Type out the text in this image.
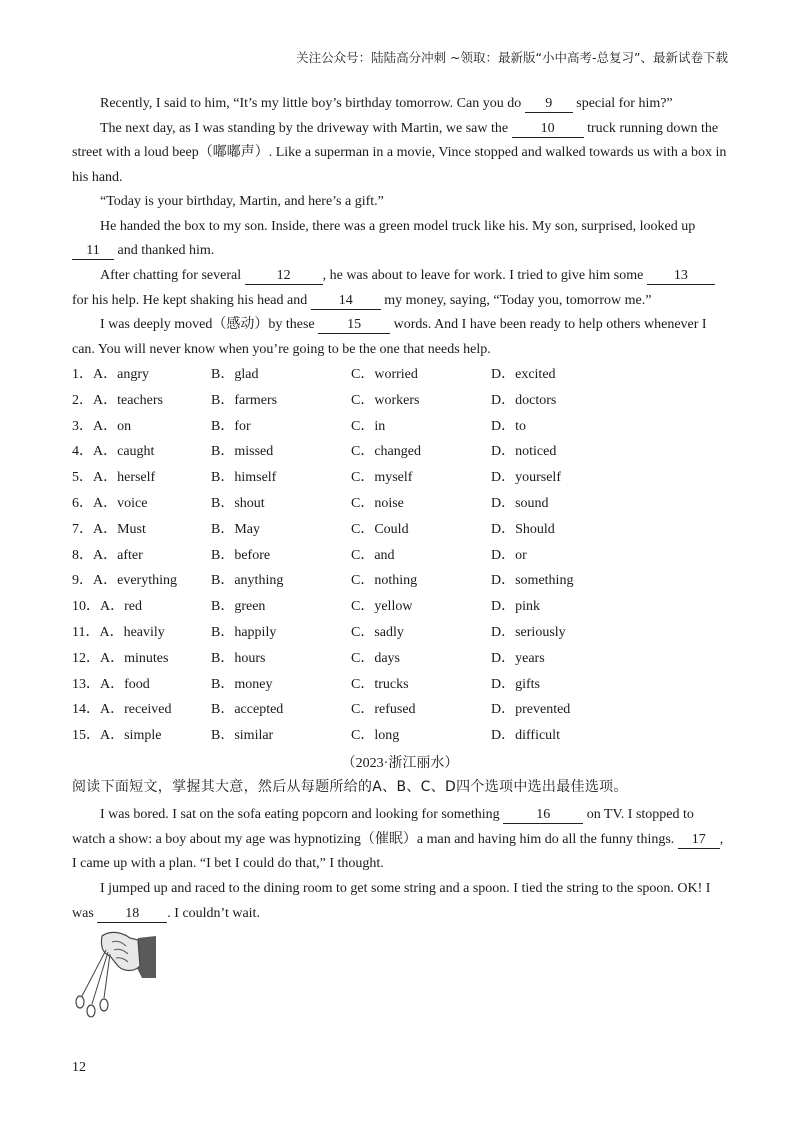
关注公众号：陆陆高分冲刺 ~领取：最新版“小中高考-总复习”、最新试卷下载
Recently, I said to him, “It’s my little boy’s birthday tomorrow. Can you do 9 special for him?”
The next day, as I was standing by the driveway with Martin, we saw the 10 truck running down the street with a loud beep（嘟嘟声）. Like a superman in a movie, Vince stopped and walked towards us with a box in his hand.
“Today is your birthday, Martin, and here’s a gift.”
He handed the box to my son. Inside, there was a green model truck like his. My son, surprised, looked up 11 and thanked him.
After chatting for several 12 , he was about to leave for work. I tried to give him some 13 for his help. He kept shaking his head and 14 my money, saying, “Today you, tomorrow me.”
I was deeply moved（感动）by these 15 words. And I have been ready to help others whenever I can. You will never know when you’re going to be the one that needs help.
1．A．angry	B．glad	C．worried	D．excited
2．A．teachers	B．farmers	C．workers	D．doctors
3．A．on	B．for	C．in	D．to
4．A．caught	B．missed	C．changed	D．noticed
5．A．herself	B．himself	C．myself	D．yourself
6．A．voice	B．shout	C．noise	D．sound
7．A．Must	B．May	C．Could	D．Should
8．A．after	B．before	C．and	D．or
9．A．everything B．anything	C．nothing	D．something
10．A．red	B．green	C．yellow	D．pink
11．A．heavily	B．happily	C．sadly	D．seriously
12．A．minutes	B．hours	C．days	D．years
13．A．food	B．money	C．trucks	D．gifts
14．A．received	B．accepted	C．refused	D．prevented
15．A．simple	B．similar	C．long	D．difficult
（2023·浙江丽水）
阅读下面短文，掌握其大意，然后从每题所给的A、B、C、D四个选项中选出最佳选项。
I was bored. I sat on the sofa eating popcorn and looking for something 16 on TV. I stopped to watch a show: a boy about my age was hypnotizing（催眠）a man and having him do all the funny things. 17 , I came up with a plan. “I bet I could do that,” I thought.
I jumped up and raced to the dining room to get some string and a spoon. I tied the string to the spoon. OK! I was 18 . I couldn’t wait.
12
